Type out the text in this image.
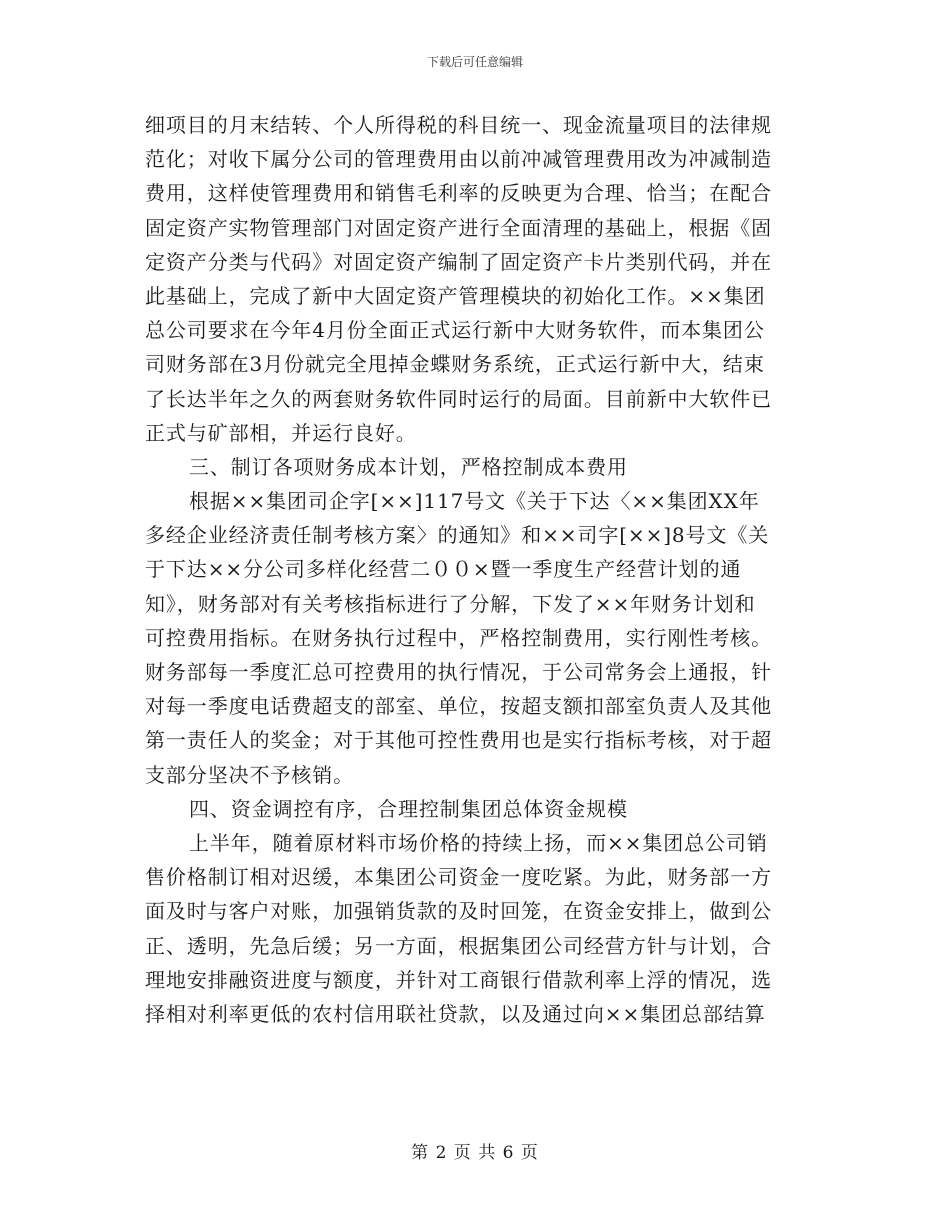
下载后可任意编辑
细项目的月末结转、个人所得税的科目统一、现金流量项目的法律规
范化；对收下属分公司的管理费用由以前冲减管理费用改为冲减制造
费用，这样使管理费用和销售毛利率的反映更为合理、恰当；在配合
固定资产实物管理部门对固定资产进行全面清理的基础上，根据《固
定资产分类与代码》对固定资产编制了固定资产卡片类别代码，并在
此基础上，完成了新中大固定资产管理模块的初始化工作。××集团
总公司要求在今年4月份全面正式运行新中大财务软件，而本集团公
司财务部在3月份就完全甩掉金蝶财务系统，正式运行新中大，结束
了长达半年之久的两套财务软件同时运行的局面。目前新中大软件已
正式与矿部相，并运行良好。
三、制订各项财务成本计划，严格控制成本费用
根据××集团司企字[××]117号文《关于下达〈××集团XX年
多经企业经济责任制考核方案〉的通知》和××司字[××]8号文《关
于下达××分公司多样化经营二００×暨一季度生产经营计划的通
知》，财务部对有关考核指标进行了分解，下发了××年财务计划和
可控费用指标。在财务执行过程中，严格控制费用，实行刚性考核。
财务部每一季度汇总可控费用的执行情况，于公司常务会上通报，针
对每一季度电话费超支的部室、单位，按超支额扣部室负责人及其他
第一责任人的奖金；对于其他可控性费用也是实行指标考核，对于超
支部分坚决不予核销。
四、资金调控有序，合理控制集团总体资金规模
上半年，随着原材料市场价格的持续上扬，而××集团总公司销
售价格制订相对迟缓，本集团公司资金一度吃紧。为此，财务部一方
面及时与客户对账，加强销货款的及时回笼，在资金安排上，做到公
正、透明，先急后缓；另一方面，根据集团公司经营方针与计划，合
理地安排融资进度与额度，并针对工商银行借款利率上浮的情况，选
择相对利率更低的农村信用联社贷款，以及通过向××集团总部结算
第 2 页 共 6 页
